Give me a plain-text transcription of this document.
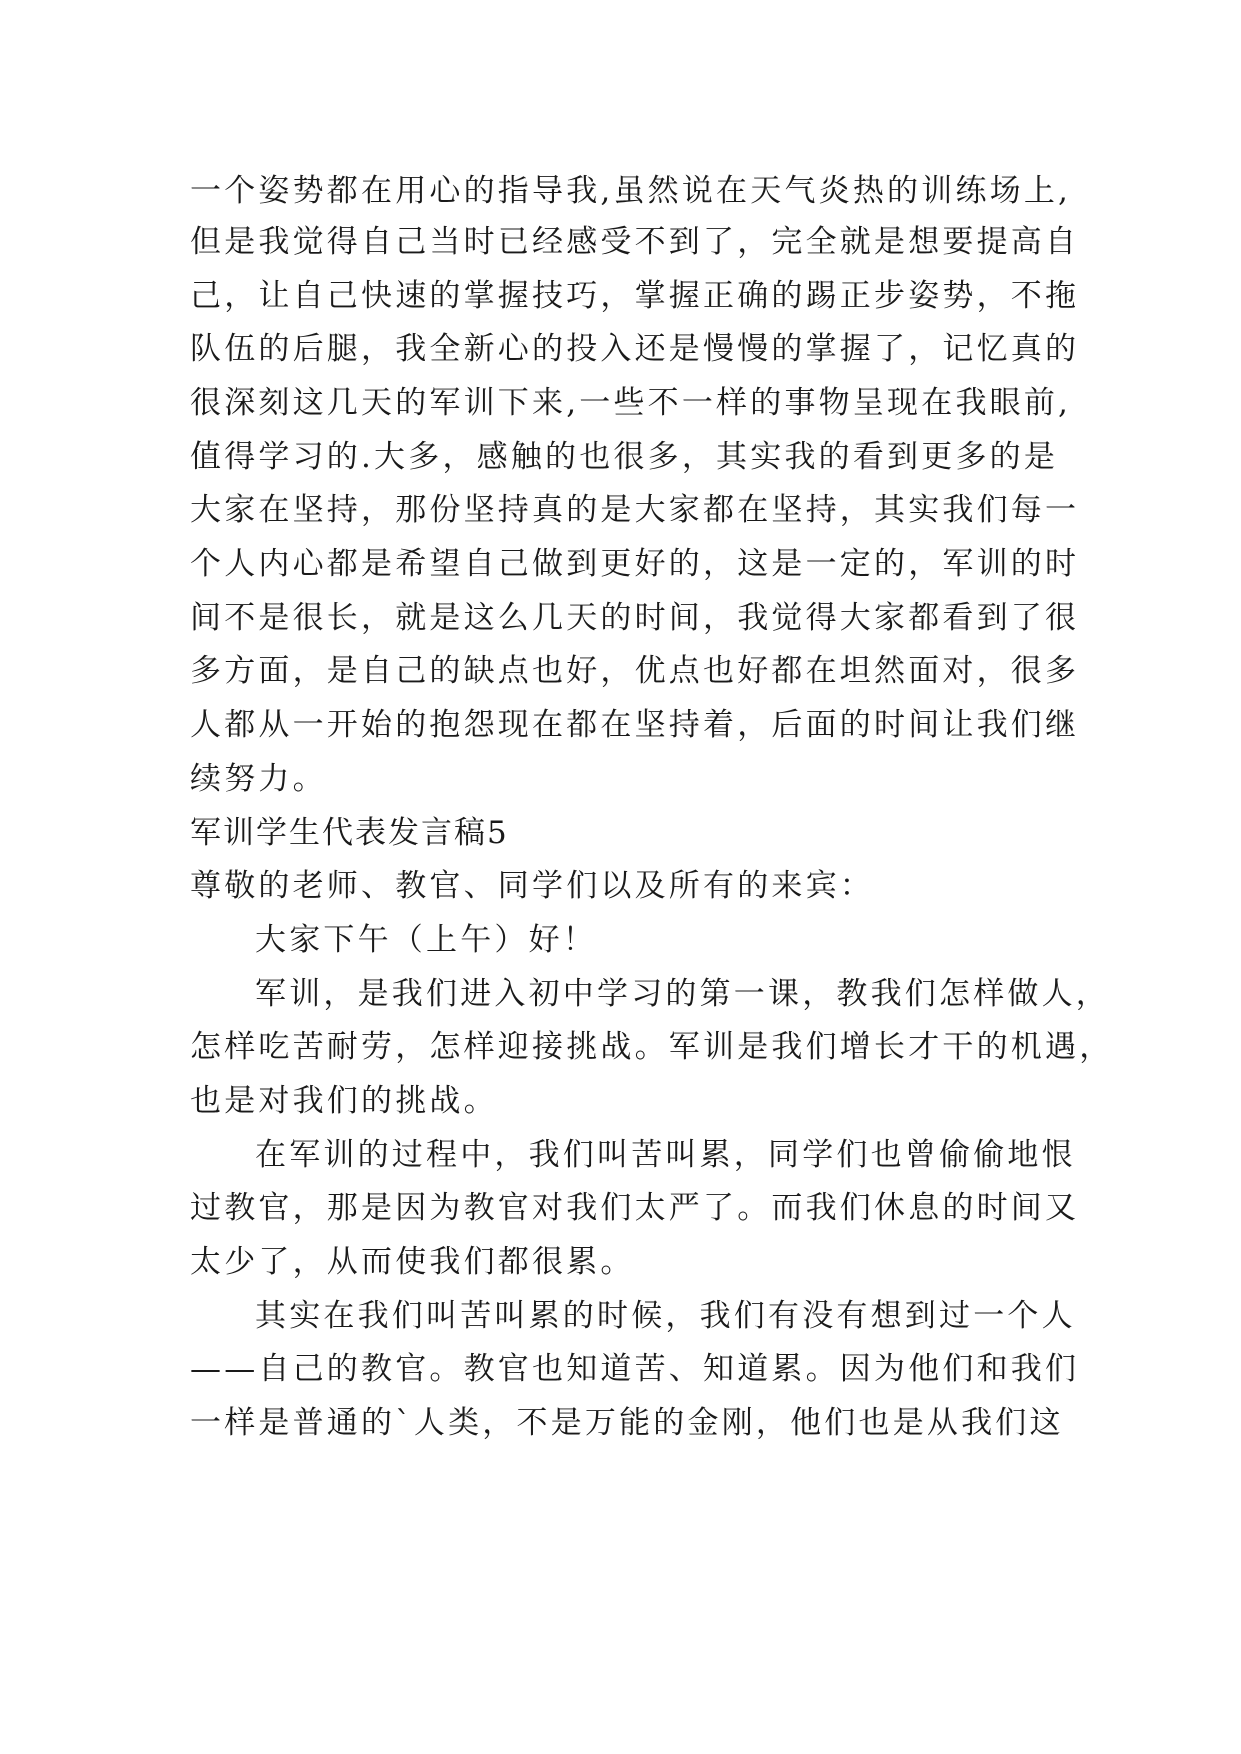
一个姿势都在用心的指导我,虽然说在天气炎热的训练场上,
但是我觉得自己当时已经感受不到了，完全就是想要提高自
己，让自己快速的掌握技巧，掌握正确的踢正步姿势，不拖
队伍的后腿，我全新心的投入还是慢慢的掌握了，记忆真的
很深刻这几天的军训下来,一些不一样的事物呈现在我眼前,
值得学习的.大多，感触的也很多，其实我的看到更多的是
大家在坚持，那份坚持真的是大家都在坚持，其实我们每一
个人内心都是希望自己做到更好的，这是一定的，军训的时
间不是很长，就是这么几天的时间，我觉得大家都看到了很
多方面，是自己的缺点也好，优点也好都在坦然面对，很多
人都从一开始的抱怨现在都在坚持着，后面的时间让我们继
续努力。
军训学生代表发言稿5
尊敬的老师、教官、同学们以及所有的来宾：
大家下午（上午）好！
军训，是我们进入初中学习的第一课，教我们怎样做人，
怎样吃苦耐劳，怎样迎接挑战。军训是我们增长才干的机遇，
也是对我们的挑战。
在军训的过程中，我们叫苦叫累，同学们也曾偷偷地恨
过教官，那是因为教官对我们太严了。而我们休息的时间又
太少了，从而使我们都很累。
其实在我们叫苦叫累的时候，我们有没有想到过一个人
——自己的教官。教官也知道苦、知道累。因为他们和我们
一样是普通的`人类，不是万能的金刚，他们也是从我们这
